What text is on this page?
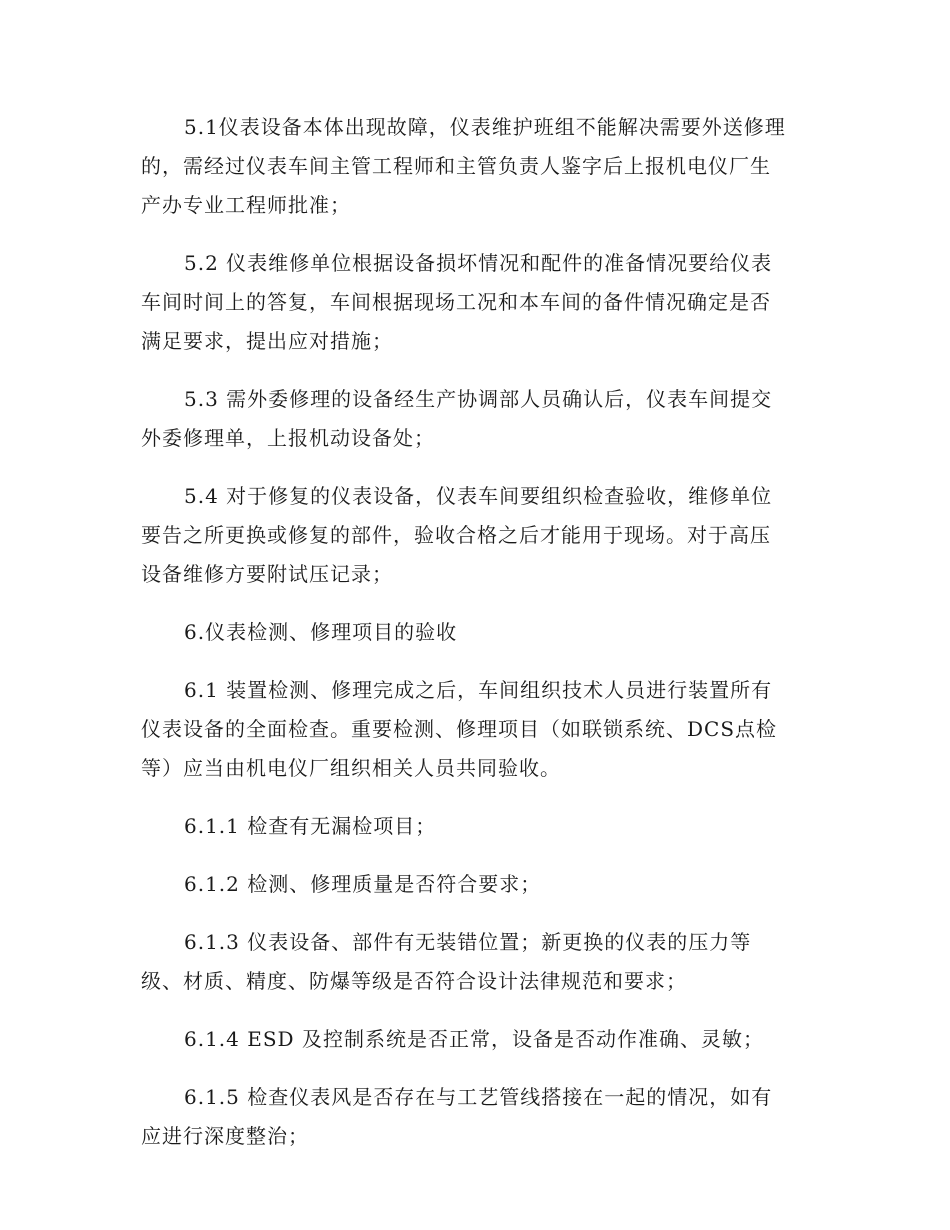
5.1仪表设备本体出现故障，仪表维护班组不能解决需要外送修理
的，需经过仪表车间主管工程师和主管负责人鉴字后上报机电仪厂生
产办专业工程师批准；

5.2 仪表维修单位根据设备损坏情况和配件的准备情况要给仪表
车间时间上的答复，车间根据现场工况和本车间的备件情况确定是否
满足要求，提出应对措施；

5.3 需外委修理的设备经生产协调部人员确认后，仪表车间提交
外委修理单，上报机动设备处；

5.4 对于修复的仪表设备，仪表车间要组织检查验收，维修单位
要告之所更换或修复的部件，验收合格之后才能用于现场。对于高压
设备维修方要附试压记录；

6.仪表检测、修理项目的验收

6.1 装置检测、修理完成之后，车间组织技术人员进行装置所有
仪表设备的全面检查。重要检测、修理项目（如联锁系统、DCS点检
等）应当由机电仪厂组织相关人员共同验收。

6.1.1 检查有无漏检项目；

6.1.2 检测、修理质量是否符合要求；

6.1.3 仪表设备、部件有无装错位置；新更换的仪表的压力等
级、材质、精度、防爆等级是否符合设计法律规范和要求；

6.1.4 ESD 及控制系统是否正常，设备是否动作准确、灵敏；

6.1.5 检查仪表风是否存在与工艺管线搭接在一起的情况，如有
应进行深度整治；
